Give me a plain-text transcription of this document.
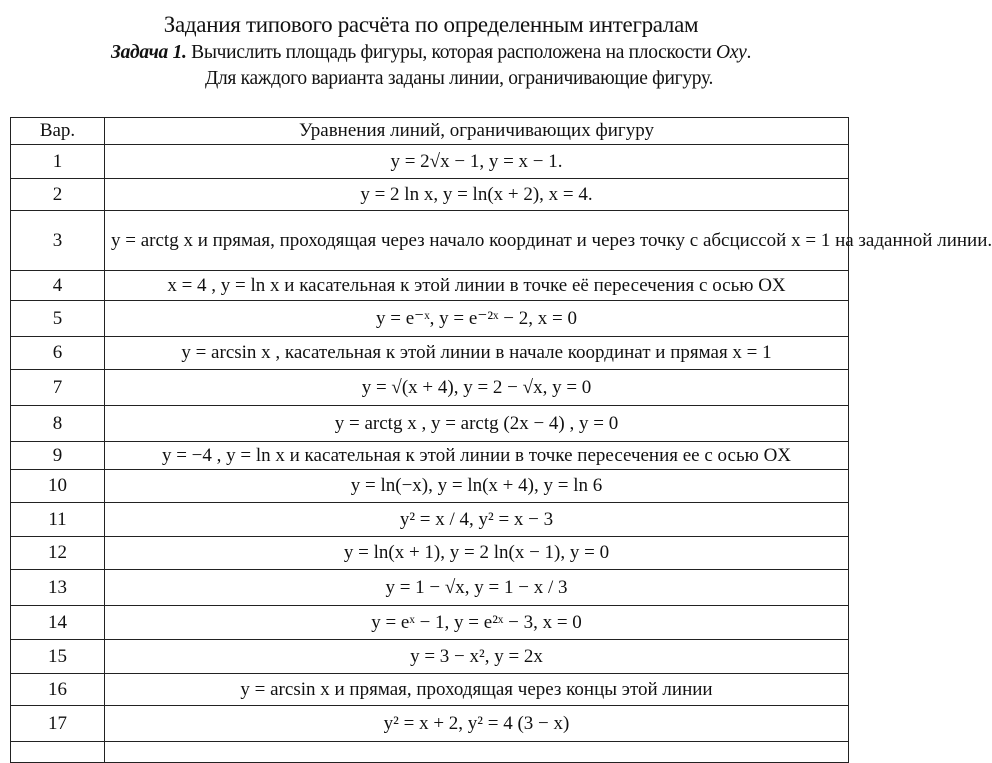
Задания типового расчёта по определенным интегралам
Задача 1. Вычислить площадь фигуры, которая расположена на плоскости Oxy.
Для каждого варианта заданы линии, ограничивающие фигуру.
Вар.	Уравнения линий, ограничивающих фигуру
1	y = 2√x − 1, y = x − 1.
2	y = 2 ln x, y = ln(x + 2), x = 4.
3	y = arctg x и прямая, проходящая через начало координат и через точку с абсциссой x = 1 на заданной линии.
4	x = 4 , y = ln x и касательная к этой линии в точке её пересечения с осью OX
5	y = e⁻ˣ, y = e⁻²ˣ − 2, x = 0
6	y = arcsin x , касательная к этой линии в начале координат и прямая x = 1
7	y = √(x + 4), y = 2 − √x, y = 0
8	y = arctg x , y = arctg (2x − 4) , y = 0
9	y = −4 , y = ln x и касательная к этой линии в точке пересечения ее с осью OX
10	y = ln(−x), y = ln(x + 4), y = ln 6
11	y² = x / 4, y² = x − 3
12	y = ln(x + 1), y = 2 ln(x − 1), y = 0
13	y = 1 − √x, y = 1 − x / 3
14	y = eˣ − 1, y = e²ˣ − 3, x = 0
15	y = 3 − x², y = 2x
16	y = arcsin x и прямая, проходящая через концы этой линии
17	y² = x + 2, y² = 4 (3 − x)
